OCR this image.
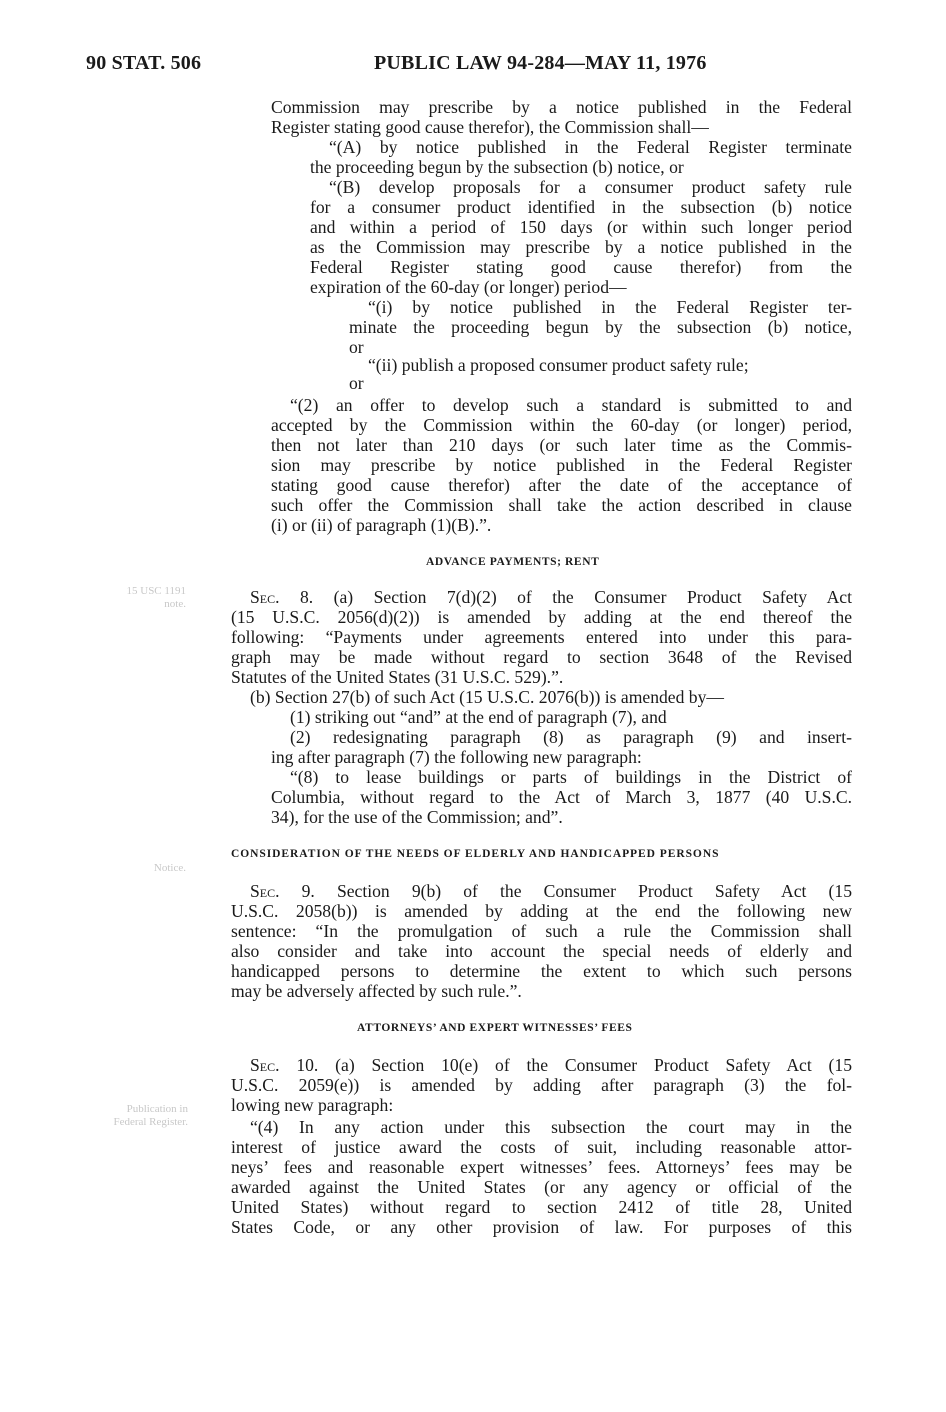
90 STAT. 506	PUBLIC LAW 94-284—MAY 11, 1976
15 USC 1191
note.
Notice.
Publication in
Federal Register.
Commission may prescribe by a notice published in the Federal
Register stating good cause therefor), the Commission shall—
“(A) by notice published in the Federal Register terminate
the proceeding begun by the subsection (b) notice, or
“(B) develop proposals for a consumer product safety rule
for a consumer product identified in the subsection (b) notice
and within a period of 150 days (or within such longer period
as the Commission may prescribe by a notice published in the
Federal Register stating good cause therefor) from the
expiration of the 60-day (or longer) period—
“(i) by notice published in the Federal Register ter-
minate the proceeding begun by the subsection (b) notice,
or
“(ii) publish a proposed consumer product safety rule;
or
“(2) an offer to develop such a standard is submitted to and
accepted by the Commission within the 60-day (or longer) period,
then not later than 210 days (or such later time as the Commis-
sion may prescribe by notice published in the Federal Register
stating good cause therefor) after the date of the acceptance of
such offer the Commission shall take the action described in clause
(i) or (ii) of paragraph (1)(B).”.
ADVANCE PAYMENTS; RENT
Sec. 8. (a) Section 7(d)(2) of the Consumer Product Safety Act
(15 U.S.C. 2056(d)(2)) is amended by adding at the end thereof the
following: “Payments under agreements entered into under this para-
graph may be made without regard to section 3648 of the Revised
Statutes of the United States (31 U.S.C. 529).”.
(b) Section 27(b) of such Act (15 U.S.C. 2076(b)) is amended by—
(1) striking out “and” at the end of paragraph (7), and
(2) redesignating paragraph (8) as paragraph (9) and insert-
ing after paragraph (7) the following new paragraph:
“(8) to lease buildings or parts of buildings in the District of
Columbia, without regard to the Act of March 3, 1877 (40 U.S.C.
34), for the use of the Commission; and”.
CONSIDERATION OF THE NEEDS OF ELDERLY AND HANDICAPPED PERSONS
Sec. 9. Section 9(b) of the Consumer Product Safety Act (15
U.S.C. 2058(b)) is amended by adding at the end the following new
sentence: “In the promulgation of such a rule the Commission shall
also consider and take into account the special needs of elderly and
handicapped persons to determine the extent to which such persons
may be adversely affected by such rule.”.
ATTORNEYS’ AND EXPERT WITNESSES’ FEES
Sec. 10. (a) Section 10(e) of the Consumer Product Safety Act (15
U.S.C. 2059(e)) is amended by adding after paragraph (3) the fol-
lowing new paragraph:
“(4) In any action under this subsection the court may in the
interest of justice award the costs of suit, including reasonable attor-
neys’ fees and reasonable expert witnesses’ fees. Attorneys’ fees may be
awarded against the United States (or any agency or official of the
United States) without regard to section 2412 of title 28, United
States Code, or any other provision of law. For purposes of this
